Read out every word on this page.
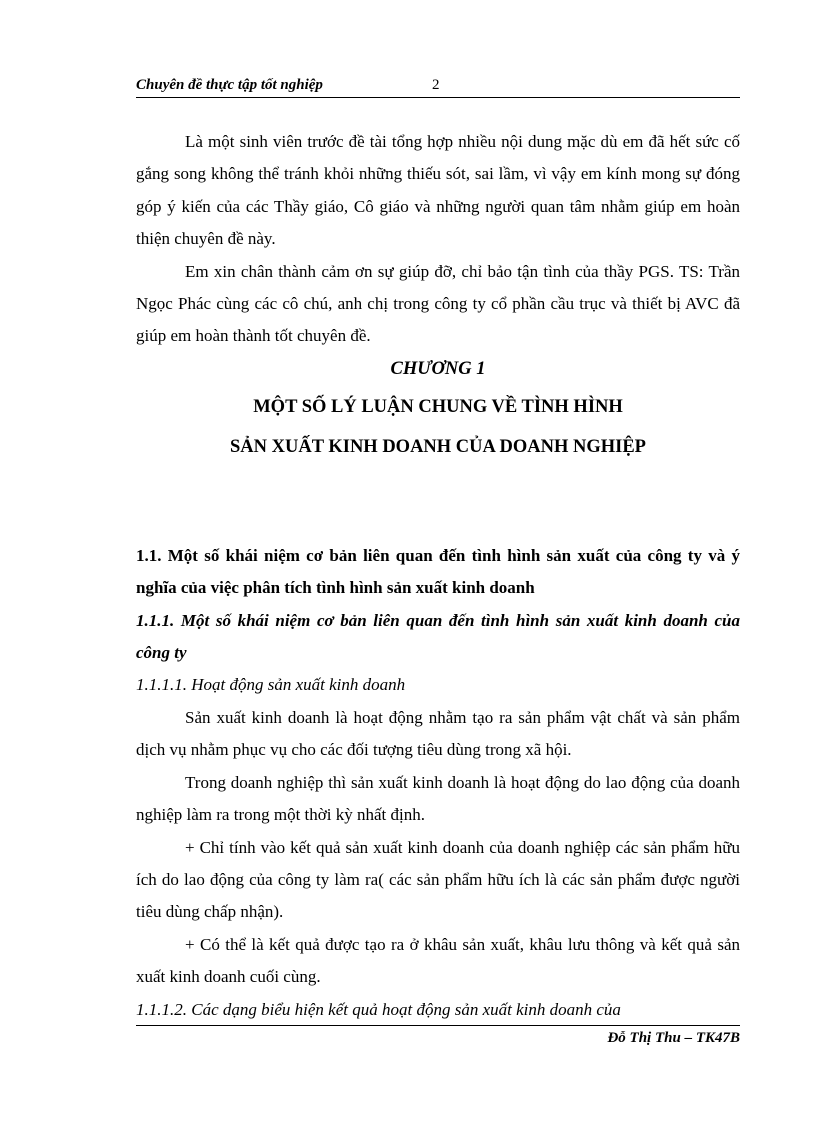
Chuyên đề thực tập tốt nghiệp	2

Là một sinh viên trước đề tài tổng hợp nhiều nội dung mặc dù em đã hết sức cố gắng song không thể tránh khỏi những thiếu sót, sai lầm, vì vậy em kính mong sự đóng góp ý kiến của các Thầy giáo, Cô giáo và những người quan tâm nhằm giúp em hoàn thiện chuyên đề này.

Em xin chân thành cảm ơn sự giúp đỡ, chỉ bảo tận tình của thầy PGS. TS: Trần Ngọc Phác cùng các cô chú, anh chị trong công ty cổ phần cầu trục và thiết bị AVC đã giúp em hoàn thành tốt chuyên đề.

CHƯƠNG 1

MỘT SỐ LÝ LUẬN CHUNG VỀ TÌNH HÌNH

SẢN XUẤT KINH DOANH CỦA DOANH NGHIỆP

1.1. Một số khái niệm cơ bản liên quan đến tình hình sản xuất của công ty và ý nghĩa của việc phân tích tình hình sản xuất kinh doanh

1.1.1. Một số khái niệm cơ bản liên quan đến tình hình sản xuất kinh doanh của công ty

1.1.1.1. Hoạt động sản xuất kinh doanh

Sản xuất kinh doanh là hoạt động nhằm tạo ra sản phẩm vật chất và sản phẩm dịch vụ nhằm phục vụ cho các đối tượng tiêu dùng trong xã hội.

Trong doanh nghiệp thì sản xuất kinh doanh là hoạt động do lao động của doanh nghiệp làm ra trong một thời kỳ nhất định.

+ Chỉ tính vào kết quả sản xuất kinh doanh của doanh nghiệp các sản phẩm hữu ích do lao động của công ty làm ra( các sản phẩm hữu ích là các sản phẩm được người tiêu dùng chấp nhận).

+ Có thể là kết quả được tạo ra ở khâu sản xuất, khâu lưu thông và kết quả sản xuất kinh doanh cuối cùng.

1.1.1.2. Các dạng biểu hiện kết quả hoạt động sản xuất kinh doanh của

Đỗ Thị Thu – TK47B
